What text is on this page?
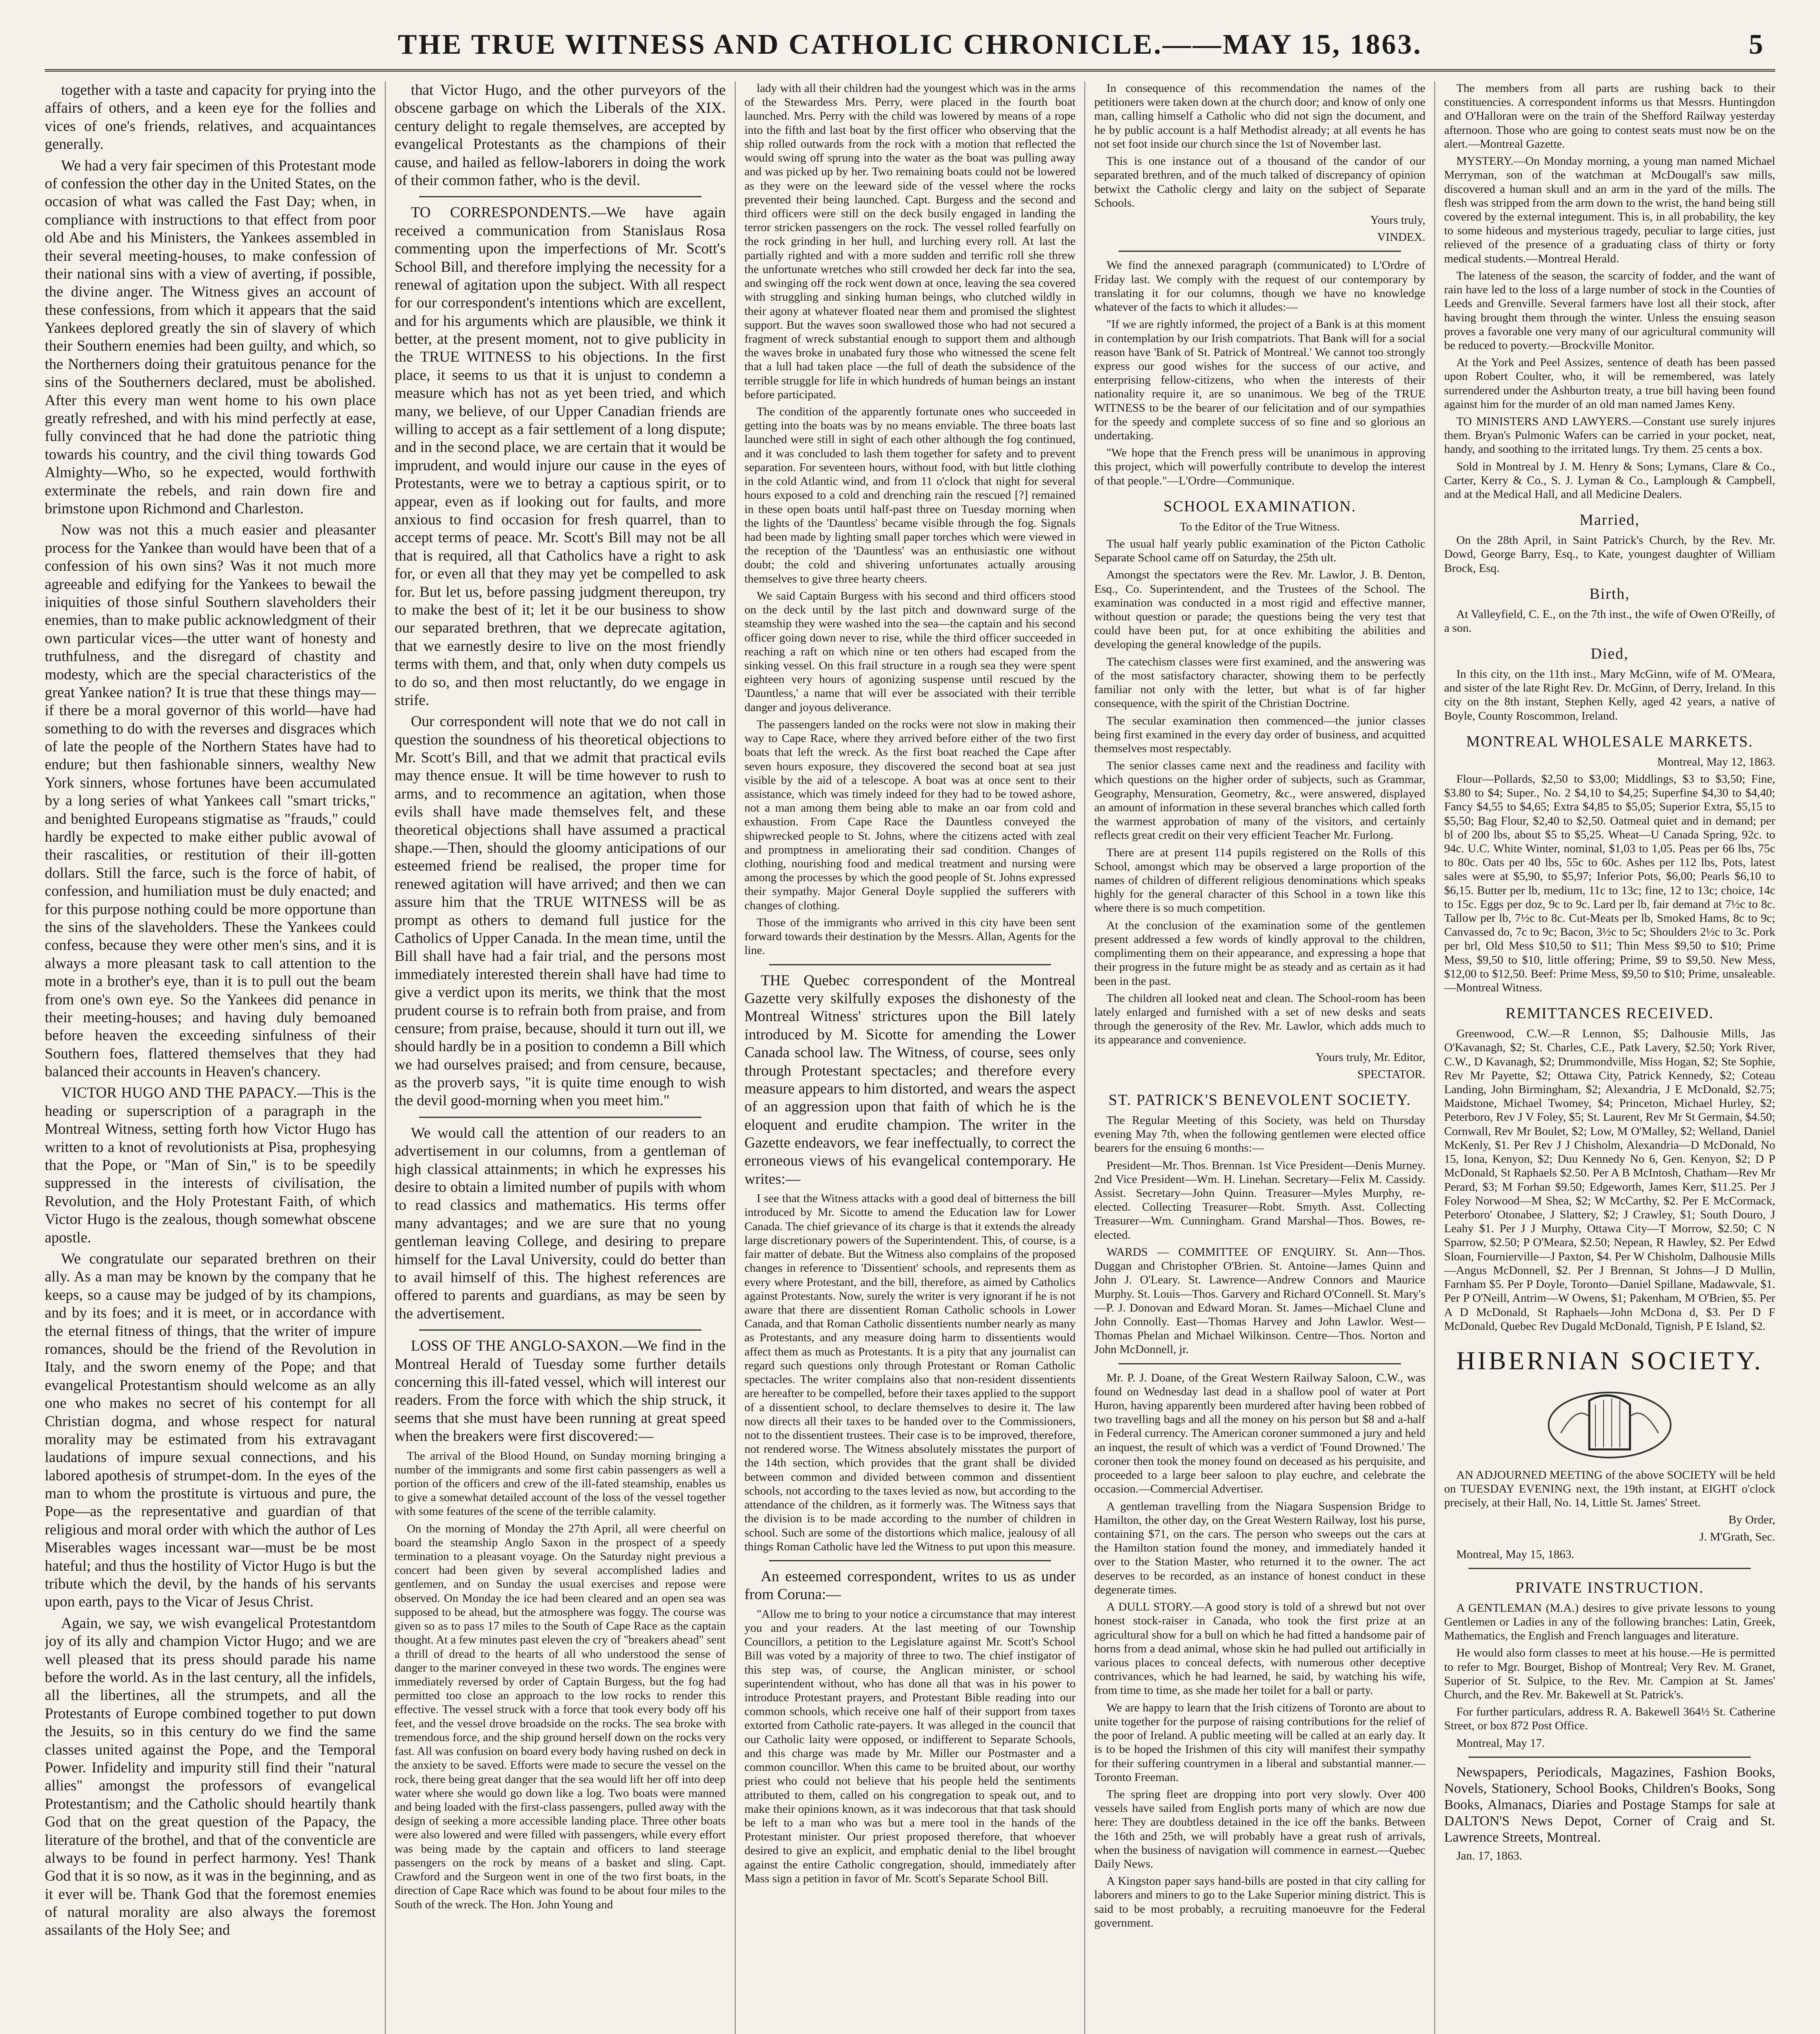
THE TRUE WITNESS AND CATHOLIC CHRONICLE.——MAY 15, 1863.	5

together with a taste and capacity for prying into the affairs of others, and a keen eye for the follies and vices of one's friends, relatives, and acquaintances generally.

We had a very fair specimen of this Protestant mode of confession the other day in the United States, on the occasion of what was called the Fast Day; when, in compliance with instructions to that effect from poor old Abe and his Ministers, the Yankees assembled in their several meeting-houses, to make confession of their national sins with a view of averting, if possible, the divine anger. The Witness gives an account of these confessions, from which it appears that the said Yankees deplored greatly the sin of slavery of which their Southern enemies had been guilty, and which, so the Northerners doing their gratuitous penance for the sins of the Southerners declared, must be abolished. After this every man went home to his own place greatly refreshed, and with his mind perfectly at ease, fully convinced that he had done the patriotic thing towards his country, and the civil thing towards God Almighty—Who, so he expected, would forthwith exterminate the rebels, and rain down fire and brimstone upon Richmond and Charleston.

Now was not this a much easier and pleasanter process for the Yankee than would have been that of a confession of his own sins? Was it not much more agreeable and edifying for the Yankees to bewail the iniquities of those sinful Southern slaveholders their enemies, than to make public acknowledgment of their own particular vices—the utter want of honesty and truthfulness, and the disregard of chastity and modesty, which are the special characteristics of the great Yankee nation? It is true that these things may—if there be a moral governor of this world—have had something to do with the reverses and disgraces which of late the people of the Northern States have had to endure; but then fashionable sinners, wealthy New York sinners, whose fortunes have been accumulated by a long series of what Yankees call "smart tricks," and benighted Europeans stigmatise as "frauds," could hardly be expected to make either public avowal of their rascalities, or restitution of their ill-gotten dollars. Still the farce, such is the force of habit, of confession, and humiliation must be duly enacted; and for this purpose nothing could be more opportune than the sins of the slaveholders. These the Yankees could confess, because they were other men's sins, and it is always a more pleasant task to call attention to the mote in a brother's eye, than it is to pull out the beam from one's own eye. So the Yankees did penance in their meeting-houses; and having duly bemoaned before heaven the exceeding sinfulness of their Southern foes, flattered themselves that they had balanced their accounts in Heaven's chancery.

VICTOR HUGO AND THE PAPACY.—This is the heading or superscription of a paragraph in the Montreal Witness, setting forth how Victor Hugo has written to a knot of revolutionists at Pisa, prophesying that the Pope, or "Man of Sin," is to be speedily suppressed in the interests of civilisation, the Revolution, and the Holy Protestant Faith, of which Victor Hugo is the zealous, though somewhat obscene apostle.

We congratulate our separated brethren on their ally. As a man may be known by the company that he keeps, so a cause may be judged of by its champions, and by its foes; and it is meet, or in accordance with the eternal fitness of things, that the writer of impure romances, should be the friend of the Revolution in Italy, and the sworn enemy of the Pope; and that evangelical Protestantism should welcome as an ally one who makes no secret of his contempt for all Christian dogma, and whose respect for natural morality may be estimated from his extravagant laudations of impure sexual connections, and his labored apothesis of strumpet-dom. In the eyes of the man to whom the prostitute is virtuous and pure, the Pope—as the representative and guardian of that religious and moral order with which the author of Les Miserables wages incessant war—must be be most hateful; and thus the hostility of Victor Hugo is but the tribute which the devil, by the hands of his servants upon earth, pays to the Vicar of Jesus Christ.

Again, we say, we wish evangelical Protestantdom joy of its ally and champion Victor Hugo; and we are well pleased that its press should parade his name before the world. As in the last century, all the infidels, all the libertines, all the strumpets, and all the Protestants of Europe combined together to put down the Jesuits, so in this century do we find the same classes united against the Pope, and the Temporal Power. Infidelity and impurity still find their "natural allies" amongst the professors of evangelical Protestantism; and the Catholic should heartily thank God that on the great question of the Papacy, the literature of the brothel, and that of the conventicle are always to be found in perfect harmony. Yes! Thank God that it is so now, as it was in the beginning, and as it ever will be. Thank God that the foremost enemies of natural morality are also always the foremost assailants of the Holy See; and

that Victor Hugo, and the other purveyors of the obscene garbage on which the Liberals of the XIX. century delight to regale themselves, are accepted by evangelical Protestants as the champions of their cause, and hailed as fellow-laborers in doing the work of their common father, who is the devil.

TO CORRESPONDENTS.—We have again received a communication from Stanislaus Rosa commenting upon the imperfections of Mr. Scott's School Bill, and therefore implying the necessity for a renewal of agitation upon the subject. With all respect for our correspondent's intentions which are excellent, and for his arguments which are plausible, we think it better, at the present moment, not to give publicity in the TRUE WITNESS to his objections. In the first place, it seems to us that it is unjust to condemn a measure which has not as yet been tried, and which many, we believe, of our Upper Canadian friends are willing to accept as a fair settlement of a long dispute; and in the second place, we are certain that it would be imprudent, and would injure our cause in the eyes of Protestants, were we to betray a captious spirit, or to appear, even as if looking out for faults, and more anxious to find occasion for fresh quarrel, than to accept terms of peace. Mr. Scott's Bill may not be all that is required, all that Catholics have a right to ask for, or even all that they may yet be compelled to ask for. But let us, before passing judgment thereupon, try to make the best of it; let it be our business to show our separated brethren, that we deprecate agitation, that we earnestly desire to live on the most friendly terms with them, and that, only when duty compels us to do so, and then most reluctantly, do we engage in strife.

Our correspondent will note that we do not call in question the soundness of his theoretical objections to Mr. Scott's Bill, and that we admit that practical evils may thence ensue. It will be time however to rush to arms, and to recommence an agitation, when those evils shall have made themselves felt, and these theoretical objections shall have assumed a practical shape.—Then, should the gloomy anticipations of our esteemed friend be realised, the proper time for renewed agitation will have arrived; and then we can assure him that the TRUE WITNESS will be as prompt as others to demand full justice for the Catholics of Upper Canada. In the mean time, until the Bill shall have had a fair trial, and the persons most immediately interested therein shall have had time to give a verdict upon its merits, we think that the most prudent course is to refrain both from praise, and from censure; from praise, because, should it turn out ill, we should hardly be in a position to condemn a Bill which we had ourselves praised; and from censure, because, as the proverb says, "it is quite time enough to wish the devil good-morning when you meet him."

We would call the attention of our readers to an advertisement in our columns, from a gentleman of high classical attainments; in which he expresses his desire to obtain a limited number of pupils with whom to read classics and mathematics. His terms offer many advantages; and we are sure that no young gentleman leaving College, and desiring to prepare himself for the Laval University, could do better than to avail himself of this. The highest references are offered to parents and guardians, as may be seen by the advertisement.

LOSS OF THE ANGLO-SAXON.—We find in the Montreal Herald of Tuesday some further details concerning this ill-fated vessel, which will interest our readers. From the force with which the ship struck, it seems that she must have been running at great speed when the breakers were first discovered:—

The arrival of the Blood Hound, on Sunday morning bringing a number of the immigrants and some first cabin passengers as well a portion of the officers and crew of the ill-fated steamship, enables us to give a somewhat detailed account of the loss of the vessel together with some features of the scene of the terrible calamity.

On the morning of Monday the 27th April, all were cheerful on board the steamship Anglo Saxon in the prospect of a speedy termination to a pleasant voyage. On the Saturday night previous a concert had been given by several accomplished ladies and gentlemen, and on Sunday the usual exercises and repose were observed. On Monday the ice had been cleared and an open sea was supposed to be ahead, but the atmosphere was foggy. The course was given so as to pass 17 miles to the South of Cape Race as the captain thought. At a few minutes past eleven the cry of "breakers ahead" sent a thrill of dread to the hearts of all who understood the sense of danger to the mariner conveyed in these two words. The engines were immediately reversed by order of Captain Burgess, but the fog had permitted too close an approach to the low rocks to render this effective. The vessel struck with a force that took every body off his feet, and the vessel drove broadside on the rocks. The sea broke with tremendous force, and the ship ground herself down on the rocks very fast. All was confusion on board every body having rushed on deck in the anxiety to be saved. Efforts were made to secure the vessel on the rock, there being great danger that the sea would lift her off into deep water where she would go down like a log. Two boats were manned and being loaded with the first-class passengers, pulled away with the design of seeking a more accessible landing place. Three other boats were also lowered and were filled with passengers, while every effort was being made by the captain and officers to land steerage passengers on the rock by means of a basket and sling. Capt. Crawford and the Surgeon went in one of the two first boats, in the direction of Cape Race which was found to be about four miles to the South of the wreck. The Hon. John Young and

lady with all their children had the youngest which was in the arms of the Stewardess Mrs. Perry, were placed in the fourth boat launched. Mrs. Perry with the child was lowered by means of a rope into the fifth and last boat by the first officer who observing that the ship rolled outwards from the rock with a motion that reflected the would swing off sprung into the water as the boat was pulling away and was picked up by her. Two remaining boats could not be lowered as they were on the leeward side of the vessel where the rocks prevented their being launched. Capt. Burgess and the second and third officers were still on the deck busily engaged in landing the terror stricken passengers on the rock. The vessel rolled fearfully on the rock grinding in her hull, and lurching every roll. At last the partially righted and with a more sudden and terrific roll she threw the unfortunate wretches who still crowded her deck far into the sea, and swinging off the rock went down at once, leaving the sea covered with struggling and sinking human beings, who clutched wildly in their agony at whatever floated near them and promised the slightest support. But the waves soon swallowed those who had not secured a fragment of wreck substantial enough to support them and although the waves broke in unabated fury those who witnessed the scene felt that a lull had taken place —the full of death the subsidence of the terrible struggle for life in which hundreds of human beings an instant before participated.

The condition of the apparently fortunate ones who succeeded in getting into the boats was by no means enviable. The three boats last launched were still in sight of each other although the fog continued, and it was concluded to lash them together for safety and to prevent separation. For seventeen hours, without food, with but little clothing in the cold Atlantic wind, and from 11 o'clock that night for several hours exposed to a cold and drenching rain the rescued [?] remained in these open boats until half-past three on Tuesday morning when the lights of the 'Dauntless' became visible through the fog. Signals had been made by lighting small paper torches which were viewed in the reception of the 'Dauntless' was an enthusiastic one without doubt; the cold and shivering unfortunates actually arousing themselves to give three hearty cheers.

We said Captain Burgess with his second and third officers stood on the deck until by the last pitch and downward surge of the steamship they were washed into the sea—the captain and his second officer going down never to rise, while the third officer succeeded in reaching a raft on which nine or ten others had escaped from the sinking vessel. On this frail structure in a rough sea they were spent eighteen very hours of agonizing suspense until rescued by the 'Dauntless,' a name that will ever be associated with their terrible danger and joyous deliverance.

The passengers landed on the rocks were not slow in making their way to Cape Race, where they arrived before either of the two first boats that left the wreck. As the first boat reached the Cape after seven hours exposure, they discovered the second boat at sea just visible by the aid of a telescope. A boat was at once sent to their assistance, which was timely indeed for they had to be towed ashore, not a man among them being able to make an oar from cold and exhaustion. From Cape Race the Dauntless conveyed the shipwrecked people to St. Johns, where the citizens acted with zeal and promptness in ameliorating their sad condition. Changes of clothing, nourishing food and medical treatment and nursing were among the processes by which the good people of St. Johns expressed their sympathy. Major General Doyle supplied the sufferers with changes of clothing.

Those of the immigrants who arrived in this city have been sent forward towards their destination by the Messrs. Allan, Agents for the line.

THE Quebec correspondent of the Montreal Gazette very skilfully exposes the dishonesty of the Montreal Witness' strictures upon the Bill lately introduced by M. Sicotte for amending the Lower Canada school law. The Witness, of course, sees only through Protestant spectacles; and therefore every measure appears to him distorted, and wears the aspect of an aggression upon that faith of which he is the eloquent and erudite champion. The writer in the Gazette endeavors, we fear ineffectually, to correct the erroneous views of his evangelical contemporary. He writes:—

I see that the Witness attacks with a good deal of bitterness the bill introduced by Mr. Sicotte to amend the Education law for Lower Canada. The chief grievance of its charge is that it extends the already large discretionary powers of the Superintendent. This, of course, is a fair matter of debate. But the Witness also complains of the proposed changes in reference to 'Dissentient' schools, and represents them as every where Protestant, and the bill, therefore, as aimed by Catholics against Protestants. Now, surely the writer is very ignorant if he is not aware that there are dissentient Roman Catholic schools in Lower Canada, and that Roman Catholic dissentients number nearly as many as Protestants, and any measure doing harm to dissentients would affect them as much as Protestants. It is a pity that any journalist can regard such questions only through Protestant or Roman Catholic spectacles. The writer complains also that non-resident dissentients are hereafter to be compelled, before their taxes applied to the support of a dissentient school, to declare themselves to desire it. The law now directs all their taxes to be handed over to the Commissioners, not to the dissentient trustees. Their case is to be improved, therefore, not rendered worse. The Witness absolutely misstates the purport of the 14th section, which provides that the grant shall be divided between common and divided between common and dissentient schools, not according to the taxes levied as now, but according to the attendance of the children, as it formerly was. The Witness says that the division is to be made according to the number of children in school. Such are some of the distortions which malice, jealousy of all things Roman Catholic have led the Witness to put upon this measure.

An esteemed correspondent, writes to us as under from Coruna:—

"Allow me to bring to your notice a circumstance that may interest you and your readers. At the last meeting of our Township Councillors, a petition to the Legislature against Mr. Scott's School Bill was voted by a majority of three to two. The chief instigator of this step was, of course, the Anglican minister, or school superintendent without, who has done all that was in his power to introduce Protestant prayers, and Protestant Bible reading into our common schools, which receive one half of their support from taxes extorted from Catholic rate-payers. It was alleged in the council that our Catholic laity were opposed, or indifferent to Separate Schools, and this charge was made by Mr. Miller our Postmaster and a common councillor. When this came to be bruited about, our worthy priest who could not believe that his people held the sentiments attributed to them, called on his congregation to speak out, and to make their opinions known, as it was indecorous that that task should be left to a man who was but a mere tool in the hands of the Protestant minister. Our priest proposed therefore, that whoever desired to give an explicit, and emphatic denial to the libel brought against the entire Catholic congregation, should, immediately after Mass sign a petition in favor of Mr. Scott's Separate School Bill.

In consequence of this recommendation the names of the petitioners were taken down at the church door; and know of only one man, calling himself a Catholic who did not sign the document, and he by public account is a half Methodist already; at all events he has not set foot inside our church since the 1st of November last.

This is one instance out of a thousand of the candor of our separated brethren, and of the much talked of discrepancy of opinion betwixt the Catholic clergy and laity on the subject of Separate Schools.

Yours truly,

VINDEX.

We find the annexed paragraph (communicated) to L'Ordre of Friday last. We comply with the request of our contemporary by translating it for our columns, though we have no knowledge whatever of the facts to which it alludes:—

"If we are rightly informed, the project of a Bank is at this moment in contemplation by our Irish compatriots. That Bank will for a social reason have 'Bank of St. Patrick of Montreal.' We cannot too strongly express our good wishes for the success of our active, and enterprising fellow-citizens, who when the interests of their nationality require it, are so unanimous. We beg of the TRUE WITNESS to be the bearer of our felicitation and of our sympathies for the speedy and complete success of so fine and so glorious an undertaking.

"We hope that the French press will be unanimous in approving this project, which will powerfully contribute to develop the interest of that people."—L'Ordre—Communique.

SCHOOL EXAMINATION.

To the Editor of the True Witness.

The usual half yearly public examination of the Picton Catholic Separate School came off on Saturday, the 25th ult.

Amongst the spectators were the Rev. Mr. Lawlor, J. B. Denton, Esq., Co. Superintendent, and the Trustees of the School. The examination was conducted in a most rigid and effective manner, without question or parade; the questions being the very test that could have been put, for at once exhibiting the abilities and developing the general knowledge of the pupils.

The catechism classes were first examined, and the answering was of the most satisfactory character, showing them to be perfectly familiar not only with the letter, but what is of far higher consequence, with the spirit of the Christian Doctrine.

The secular examination then commenced—the junior classes being first examined in the every day order of business, and acquitted themselves most respectably.

The senior classes came next and the readiness and facility with which questions on the higher order of subjects, such as Grammar, Geography, Mensuration, Geometry, &c., were answered, displayed an amount of information in these several branches which called forth the warmest approbation of many of the visitors, and certainly reflects great credit on their very efficient Teacher Mr. Furlong.

There are at present 114 pupils registered on the Rolls of this School, amongst which may be observed a large proportion of the names of children of different religious denominations which speaks highly for the general character of this School in a town like this where there is so much competition.

At the conclusion of the examination some of the gentlemen present addressed a few words of kindly approval to the children, complimenting them on their appearance, and expressing a hope that their progress in the future might be as steady and as certain as it had been in the past.

The children all looked neat and clean. The School-room has been lately enlarged and furnished with a set of new desks and seats through the generosity of the Rev. Mr. Lawlor, which adds much to its appearance and convenience.

Yours truly, Mr. Editor,

SPECTATOR.

ST. PATRICK'S BENEVOLENT SOCIETY.

The Regular Meeting of this Society, was held on Thursday evening May 7th, when the following gentlemen were elected office bearers for the ensuing 6 months:—

President—Mr. Thos. Brennan. 1st Vice President—Denis Murney. 2nd Vice President—Wm. H. Linehan. Secretary—Felix M. Cassidy. Assist. Secretary—John Quinn. Treasurer—Myles Murphy, re-elected. Collecting Treasurer—Robt. Smyth. Asst. Collecting Treasurer—Wm. Cunningham. Grand Marshal—Thos. Bowes, re-elected.

WARDS — COMMITTEE OF ENQUIRY. St. Ann—Thos. Duggan and Christopher O'Brien. St. Antoine—James Quinn and John J. O'Leary. St. Lawrence—Andrew Connors and Maurice Murphy. St. Louis—Thos. Garvery and Richard O'Connell. St. Mary's—P. J. Donovan and Edward Moran. St. James—Michael Clune and John Connolly. East—Thomas Harvey and John Lawlor. West—Thomas Phelan and Michael Wilkinson. Centre—Thos. Norton and John McDonnell, jr.

Mr. P. J. Doane, of the Great Western Railway Saloon, C.W., was found on Wednesday last dead in a shallow pool of water at Port Huron, having apparently been murdered after having been robbed of two travelling bags and all the money on his person but $8 and a-half in Federal currency. The American coroner summoned a jury and held an inquest, the result of which was a verdict of 'Found Drowned.' The coroner then took the money found on deceased as his perquisite, and proceeded to a large beer saloon to play euchre, and celebrate the occasion.—Commercial Advertiser.

A gentleman travelling from the Niagara Suspension Bridge to Hamilton, the other day, on the Great Western Railway, lost his purse, containing $71, on the cars. The person who sweeps out the cars at the Hamilton station found the money, and immediately handed it over to the Station Master, who returned it to the owner. The act deserves to be recorded, as an instance of honest conduct in these degenerate times.

A DULL STORY.—A good story is told of a shrewd but not over honest stock-raiser in Canada, who took the first prize at an agricultural show for a bull on which he had fitted a handsome pair of horns from a dead animal, whose skin he had pulled out artificially in various places to conceal defects, with numerous other deceptive contrivances, which he had learned, he said, by watching his wife, from time to time, as she made her toilet for a ball or party.

We are happy to learn that the Irish citizens of Toronto are about to unite together for the purpose of raising contributions for the relief of the poor of Ireland. A public meeting will be called at an early day. It is to be hoped the Irishmen of this city will manifest their sympathy for their suffering countrymen in a liberal and substantial manner.—Toronto Freeman.

The spring fleet are dropping into port very slowly. Over 400 vessels have sailed from English ports many of which are now due here: They are doubtless detained in the ice off the banks. Between the 16th and 25th, we will probably have a great rush of arrivals, when the business of navigation will commence in earnest.—Quebec Daily News.

A Kingston paper says hand-bills are posted in that city calling for laborers and miners to go to the Lake Superior mining district. This is said to be most probably, a recruiting manoeuvre for the Federal government.

The members from all parts are rushing back to their constituencies. A correspondent informs us that Messrs. Huntingdon and O'Halloran were on the train of the Shefford Railway yesterday afternoon. Those who are going to contest seats must now be on the alert.—Montreal Gazette.

MYSTERY.—On Monday morning, a young man named Michael Merryman, son of the watchman at McDougall's saw mills, discovered a human skull and an arm in the yard of the mills. The flesh was stripped from the arm down to the wrist, the hand being still covered by the external integument. This is, in all probability, the key to some hideous and mysterious tragedy, peculiar to large cities, just relieved of the presence of a graduating class of thirty or forty medical students.—Montreal Herald.

The lateness of the season, the scarcity of fodder, and the want of rain have led to the loss of a large number of stock in the Counties of Leeds and Grenville. Several farmers have lost all their stock, after having brought them through the winter. Unless the ensuing season proves a favorable one very many of our agricultural community will be reduced to poverty.—Brockville Monitor.

At the York and Peel Assizes, sentence of death has been passed upon Robert Coulter, who, it will be remembered, was lately surrendered under the Ashburton treaty, a true bill having been found against him for the murder of an old man named James Keny.

TO MINISTERS AND LAWYERS.—Constant use surely injures them. Bryan's Pulmonic Wafers can be carried in your pocket, neat, handy, and soothing to the irritated lungs. Try them. 25 cents a box.

Sold in Montreal by J. M. Henry & Sons; Lymans, Clare & Co., Carter, Kerry & Co., S. J. Lyman & Co., Lamplough & Campbell, and at the Medical Hall, and all Medicine Dealers.

Married,

On the 28th April, in Saint Patrick's Church, by the Rev. Mr. Dowd, George Barry, Esq., to Kate, youngest daughter of William Brock, Esq.

Birth,

At Valleyfield, C. E., on the 7th inst., the wife of Owen O'Reilly, of a son.

Died,

In this city, on the 11th inst., Mary McGinn, wife of M. O'Meara, and sister of the late Right Rev. Dr. McGinn, of Derry, Ireland. In this city on the 8th instant, Stephen Kelly, aged 42 years, a native of Boyle, County Roscommon, Ireland.

MONTREAL WHOLESALE MARKETS.

Montreal, May 12, 1863.

Flour—Pollards, $2,50 to $3,00; Middlings, $3 to $3,50; Fine, $3.80 to $4; Super., No. 2 $4,10 to $4,25; Superfine $4,30 to $4,40; Fancy $4,55 to $4,65; Extra $4,85 to $5,05; Superior Extra, $5,15 to $5,50; Bag Flour, $2,40 to $2,50. Oatmeal quiet and in demand; per bl of 200 lbs, about $5 to $5,25. Wheat—U Canada Spring, 92c. to 94c. U.C. White Winter, nominal, $1,03 to 1,05. Peas per 66 lbs, 75c to 80c. Oats per 40 lbs, 55c to 60c. Ashes per 112 lbs, Pots, latest sales were at $5,90, to $5,97; Inferior Pots, $6,00; Pearls $6,10 to $6,15. Butter per lb, medium, 11c to 13c; fine, 12 to 13c; choice, 14c to 15c. Eggs per doz, 9c to 9c. Lard per lb, fair demand at 7½c to 8c. Tallow per lb, 7½c to 8c. Cut-Meats per lb, Smoked Hams, 8c to 9c; Canvassed do, 7c to 9c; Bacon, 3½c to 5c; Shoulders 2½c to 3c. Pork per brl, Old Mess $10,50 to $11; Thin Mess $9,50 to $10; Prime Mess, $9,50 to $10, little offering; Prime, $9 to $9,50. New Mess, $12,00 to $12,50. Beef: Prime Mess, $9,50 to $10; Prime, unsaleable.—Montreal Witness.

REMITTANCES RECEIVED.

Greenwood, C.W.—R Lennon, $5; Dalhousie Mills, Jas O'Kavanagh, $2; St. Charles, C.E., Patk Lavery, $2.50; York River, C.W., D Kavanagh, $2; Drummondville, Miss Hogan, $2; Ste Sophie, Rev Mr Payette, $2; Ottawa City, Patrick Kennedy, $2; Coteau Landing, John Birmingham, $2; Alexandria, J E McDonald, $2.75; Maidstone, Michael Twomey, $4; Princeton, Michael Hurley, $2; Peterboro, Rev J V Foley, $5; St. Laurent, Rev Mr St Germain, $4.50; Cornwall, Rev Mr Boulet, $2; Low, M O'Malley, $2; Welland, Daniel McKenly, $1. Per Rev J J Chisholm, Alexandria—D McDonald, No 15, Iona, Kenyon, $2; Duu Kennedy No 6, Gen. Kenyon, $2; D P McDonald, St Raphaels $2.50. Per A B McIntosh, Chatham—Rev Mr Perard, $3; M Forhan $9.50; Edgeworth, James Kerr, $11.25. Per J Foley Norwood—M Shea, $2; W McCarthy, $2. Per E McCormack, Peterboro' Otonabee, J Slattery, $2; J Crawley, $1; South Douro, J Leahy $1. Per J J Murphy, Ottawa City—T Morrow, $2.50; C N Sparrow, $2.50; P O'Meara, $2.50; Nepean, R Hawley, $2. Per Edwd Sloan, Fournierville—J Paxton, $4. Per W Chisholm, Dalhousie Mills—Angus McDonnell, $2. Per J Brennan, St Johns—J D Mullin, Farnham $5. Per P Doyle, Toronto—Daniel Spillane, Madawvale, $1. Per P O'Neill, Antrim—W Owens, $1; Pakenham, M O'Brien, $5. Per A D McDonald, St Raphaels—John McDona d, $3. Per D F McDonald, Quebec Rev Dugald McDonald, Tignish, P E Island, $2.

HIBERNIAN SOCIETY.

AN ADJOURNED MEETING of the above SOCIETY will be held on TUESDAY EVENING next, the 19th instant, at EIGHT o'clock precisely, at their Hall, No. 14, Little St. James' Street.

By Order,

J. M'Grath, Sec.

Montreal, May 15, 1863.

PRIVATE INSTRUCTION.

A GENTLEMAN (M.A.) desires to give private lessons to young Gentlemen or Ladies in any of the following branches: Latin, Greek, Mathematics, the English and French languages and literature.

He would also form classes to meet at his house.—He is permitted to refer to Mgr. Bourget, Bishop of Montreal; Very Rev. M. Granet, Superior of St. Sulpice, to the Rev. Mr. Campion at St. James' Church, and the Rev. Mr. Bakewell at St. Patrick's.

For further particulars, address R. A. Bakewell 364½ St. Catherine Street, or box 872 Post Office.

Montreal, May 17.

Newspapers, Periodicals, Magazines, Fashion Books, Novels, Stationery, School Books, Children's Books, Song Books, Almanacs, Diaries and Postage Stamps for sale at DALTON'S News Depot, Corner of Craig and St. Lawrence Streets, Montreal.

Jan. 17, 1863.
